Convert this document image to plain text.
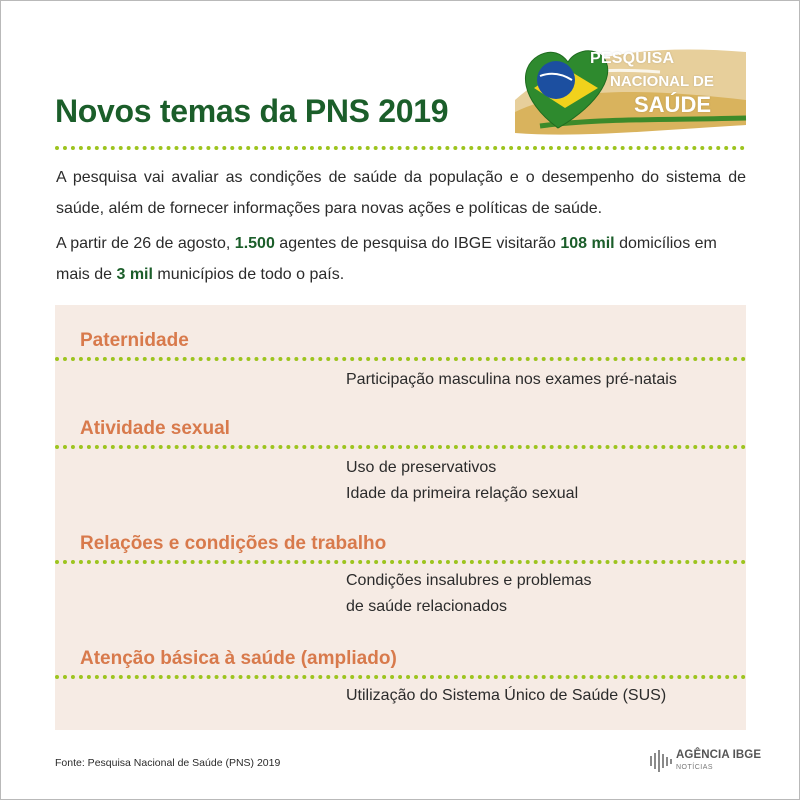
PESQUISA
NACIONAL DE
SAÚDE
Novos temas da PNS 2019

A pesquisa vai avaliar as condições de saúde da população e o desempenho do sistema de

saúde, além de fornecer informações para novas ações e políticas de saúde.

A partir de 26 de agosto, 1.500 agentes de pesquisa do IBGE visitarão 108 mil domicílios em

mais de 3 mil municípios de todo o país.

Paternidade
Participação masculina nos exames pré-natais
Atividade sexual
Uso de preservativos
Idade da primeira relação sexual
Relações e condições de trabalho
Condições insalubres e problemas
de saúde relacionados
Atenção básica à saúde (ampliado)
Utilização do Sistema Único de Saúde (SUS)
Fonte: Pesquisa Nacional de Saúde (PNS) 2019
AGÊNCIA IBGE
NOTÍCIAS
